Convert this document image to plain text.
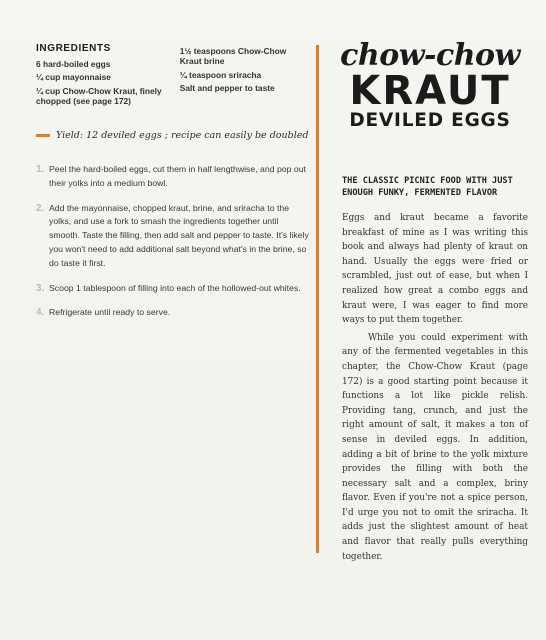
INGREDIENTS
6 hard-boiled eggs
¼ cup mayonnaise
¼ cup Chow-Chow Kraut, finely chopped (see page 172)
1½ teaspoons Chow-Chow Kraut brine
¼ teaspoon sriracha
Salt and pepper to taste
Yield: 12 deviled eggs ; recipe can easily be doubled
1. Peel the hard-boiled eggs, cut them in half lengthwise, and pop out their yolks into a medium bowl.
2. Add the mayonnaise, chopped kraut, brine, and sriracha to the yolks, and use a fork to smash the ingredients together until smooth. Taste the filling, then add salt and pepper to taste. It's likely you won't need to add additional salt beyond what's in the brine, so do taste it first.
3. Scoop 1 tablespoon of filling into each of the hollowed-out whites.
4. Refrigerate until ready to serve.
chow-chow
KRAUT
DEVILED EGGS
THE CLASSIC PICNIC FOOD WITH JUST ENOUGH FUNKY, FERMENTED FLAVOR

Eggs and kraut became a favorite breakfast of mine as I was writing this book and always had plenty of kraut on hand. Usually the eggs were fried or scrambled, just out of ease, but when I realized how great a combo eggs and kraut were, I was eager to find more ways to put them together.

While you could experiment with any of the fermented vegetables in this chapter, the Chow-Chow Kraut (page 172) is a good starting point because it functions a lot like pickle relish. Providing tang, crunch, and just the right amount of salt, it makes a ton of sense in deviled eggs. In addition, adding a bit of brine to the yolk mixture provides the filling with both the necessary salt and a complex, briny flavor. Even if you're not a spice person, I'd urge you not to omit the sriracha. It adds just the slightest amount of heat and flavor that really pulls everything together.
